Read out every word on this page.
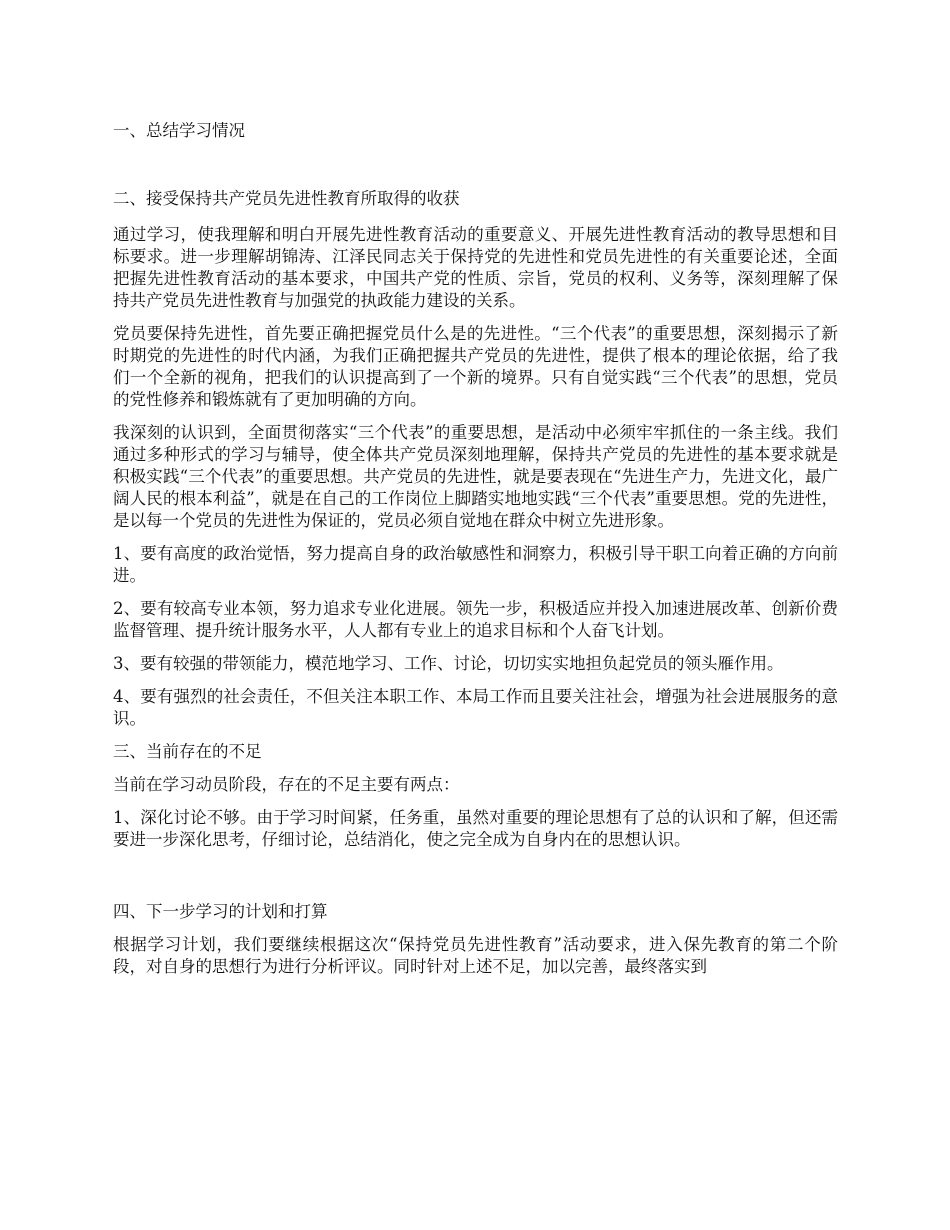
一、总结学习情况

二、接受保持共产党员先进性教育所取得的收获

通过学习，使我理解和明白开展先进性教育活动的重要意义、开展先进性教育活动的教导思想和目标要求。进一步理解胡锦涛、江泽民同志关于保持党的先进性和党员先进性的有关重要论述，全面把握先进性教育活动的基本要求，中国共产党的性质、宗旨，党员的权利、义务等，深刻理解了保持共产党员先进性教育与加强党的执政能力建设的关系。

党员要保持先进性，首先要正确把握党员什么是的先进性。“三个代表”的重要思想，深刻揭示了新时期党的先进性的时代内涵，为我们正确把握共产党员的先进性，提供了根本的理论依据，给了我们一个全新的视角，把我们的认识提高到了一个新的境界。只有自觉实践“三个代表”的思想，党员的党性修养和锻炼就有了更加明确的方向。

我深刻的认识到，全面贯彻落实“三个代表”的重要思想，是活动中必须牢牢抓住的一条主线。我们通过多种形式的学习与辅导，使全体共产党员深刻地理解，保持共产党员的先进性的基本要求就是积极实践“三个代表”的重要思想。共产党员的先进性，就是要表现在“先进生产力，先进文化，最广阔人民的根本利益”，就是在自己的工作岗位上脚踏实地地实践“三个代表”重要思想。党的先进性，是以每一个党员的先进性为保证的，党员必须自觉地在群众中树立先进形象。

1、要有高度的政治觉悟，努力提高自身的政治敏感性和洞察力，积极引导干职工向着正确的方向前进。

2、要有较高专业本领，努力追求专业化进展。领先一步，积极适应并投入加速进展改革、创新价费监督管理、提升统计服务水平，人人都有专业上的追求目标和个人奋飞计划。

3、要有较强的带领能力，模范地学习、工作、讨论，切切实实地担负起党员的领头雁作用。

4、要有强烈的社会责任，不但关注本职工作、本局工作而且要关注社会，增强为社会进展服务的意识。

三、当前存在的不足

当前在学习动员阶段，存在的不足主要有两点：

1、深化讨论不够。由于学习时间紧，任务重，虽然对重要的理论思想有了总的认识和了解，但还需要进一步深化思考，仔细讨论，总结消化，使之完全成为自身内在的思想认识。

四、下一步学习的计划和打算

根据学习计划，我们要继续根据这次“保持党员先进性教育”活动要求，进入保先教育的第二个阶段，对自身的思想行为进行分析评议。同时针对上述不足，加以完善，最终落实到
